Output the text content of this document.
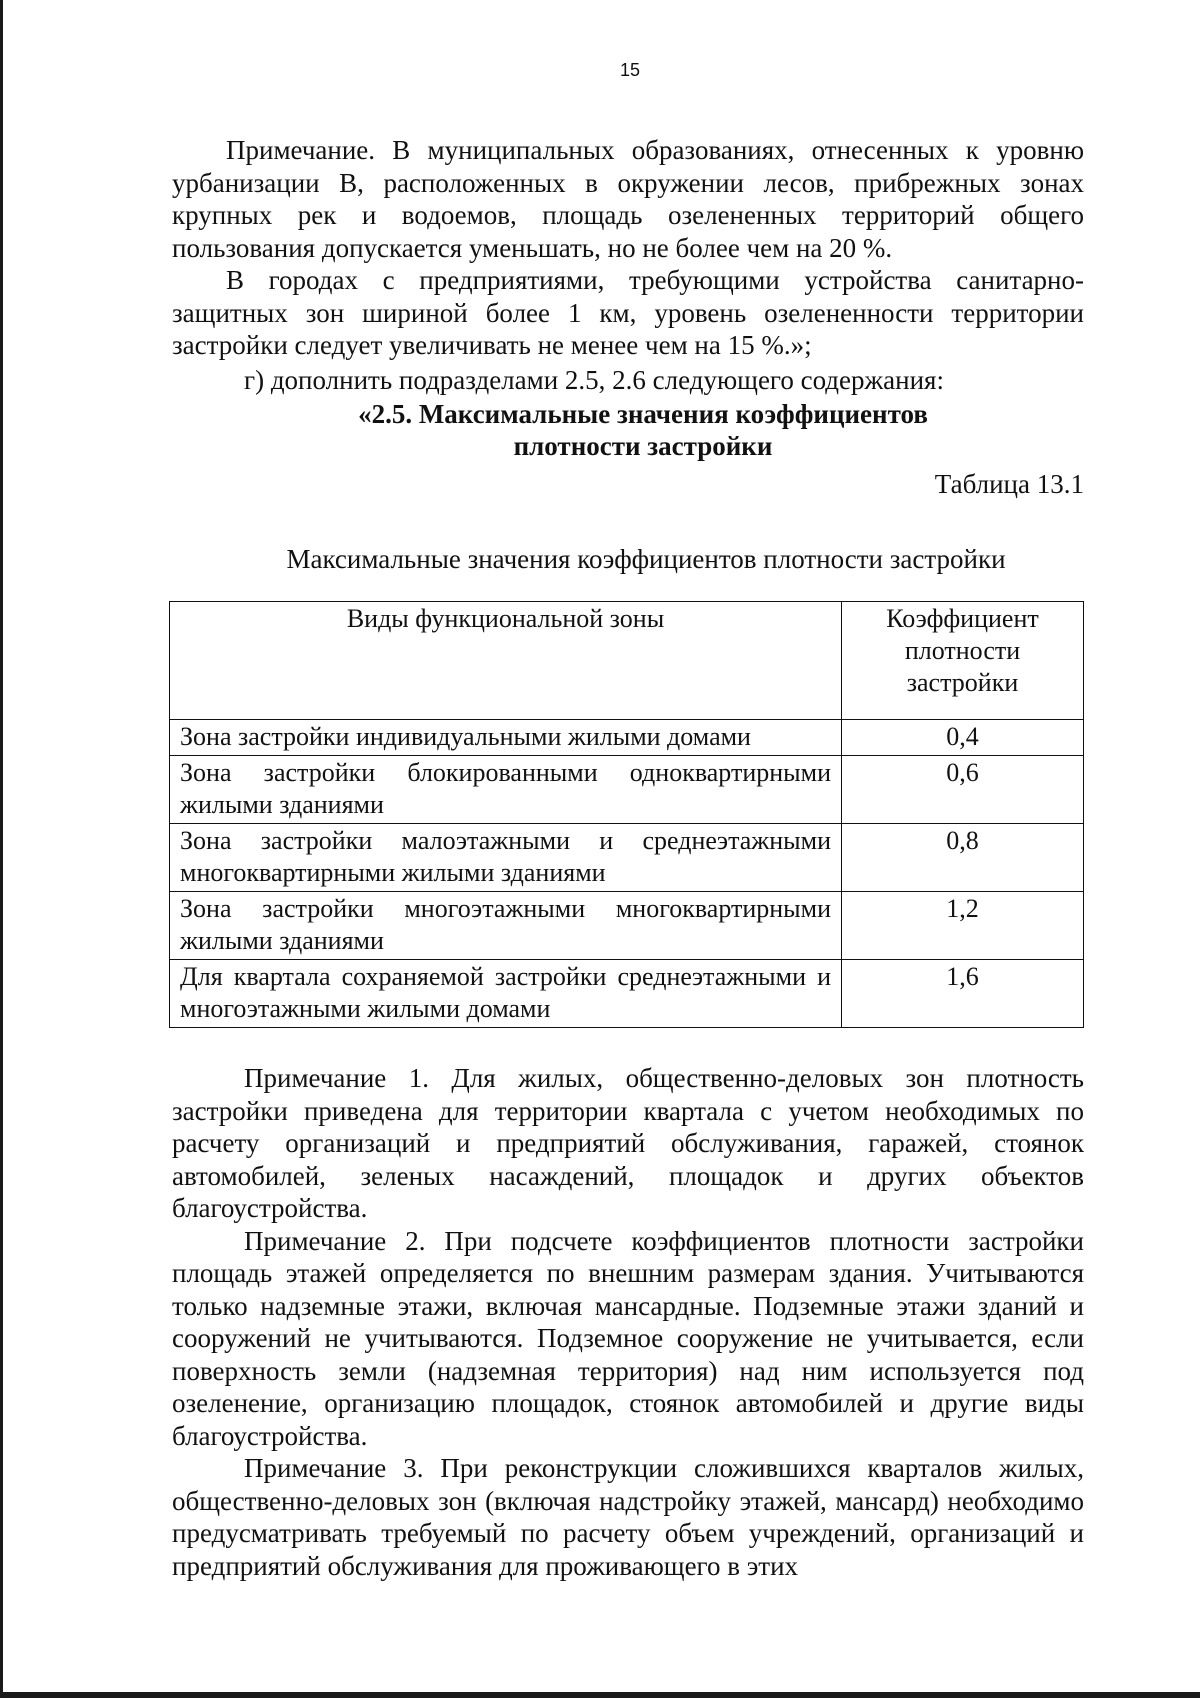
15

Примечание. В муниципальных образованиях, отнесенных к уровню урбанизации В, расположенных в окружении лесов, прибрежных зонах крупных рек и водоемов, площадь озелененных территорий общего пользования допускается уменьшать, но не более чем на 20 %.

В городах с предприятиями, требующими устройства санитарно-защитных зон шириной более 1 км, уровень озелененности территории застройки следует увеличивать не менее чем на 15 %.»;

г) дополнить подразделами 2.5, 2.6 следующего содержания:

«2.5. Максимальные значения коэффициентов
плотности застройки
Таблица 13.1
Максимальные значения коэффициентов плотности застройки
Виды функциональной зоны	Коэффициент
плотности
застройки

Зона застройки индивидуальными жилыми домами	0,4
Зона застройки блокированными одноквартирными жилыми зданиями	0,6
Зона застройки малоэтажными и среднеэтажными многоквартирными жилыми зданиями	0,8
Зона застройки многоэтажными многоквартирными жилыми зданиями	1,2
Для квартала сохраняемой застройки среднеэтажными и многоэтажными жилыми домами	1,6

Примечание 1. Для жилых, общественно-деловых зон плотность застройки приведена для территории квартала с учетом необходимых по расчету организаций и предприятий обслуживания, гаражей, стоянок автомобилей, зеленых насаждений, площадок и других объектов благоустройства.

Примечание 2. При подсчете коэффициентов плотности застройки площадь этажей определяется по внешним размерам здания. Учитываются только надземные этажи, включая мансардные. Подземные этажи зданий и сооружений не учитываются. Подземное сооружение не учитывается, если поверхность земли (надземная территория) над ним используется под озеленение, организацию площадок, стоянок автомобилей и другие виды благоустройства.

Примечание 3. При реконструкции сложившихся кварталов жилых, общественно-деловых зон (включая надстройку этажей, мансард) необходимо предусматривать требуемый по расчету объем учреждений, организаций и предприятий обслуживания для проживающего в этих
